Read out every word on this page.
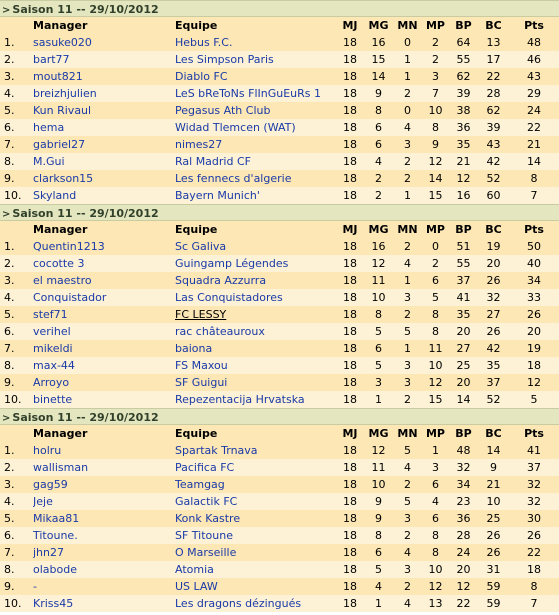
> Saison 11 -- 29/10/2012
	Manager	Equipe	MJ	MG	MN	MP	BP	BC	Pts
1.	sasuke020	Hebus F.C.	18	16	0	2	64	13	48
2.	bart77	Les Simpson Paris	18	15	1	2	55	17	46
3.	mout821	Diablo FC	18	14	1	3	62	22	43
4.	breizhjulien	LeS bReToNs FlInGuEuRs 1	18	9	2	7	39	28	29
5.	Kun Rivaul	Pegasus Ath Club	18	8	0	10	38	62	24
6.	hema	Widad Tlemcen (WAT)	18	6	4	8	36	39	22
7.	gabriel27	nimes27	18	6	3	9	35	43	21
8.	M.Gui	Ral Madrid CF	18	4	2	12	21	42	14
9.	clarkson15	Les fennecs d'algerie	18	2	2	14	12	52	8
10.	Skyland	Bayern Munich'	18	2	1	15	16	60	7
> Saison 11 -- 29/10/2012
	Manager	Equipe	MJ	MG	MN	MP	BP	BC	Pts
1.	Quentin1213	Sc Galiva	18	16	2	0	51	19	50
2.	cocotte 3	Guingamp Légendes	18	12	4	2	55	20	40
3.	el maestro	Squadra Azzurra	18	11	1	6	37	26	34
4.	Conquistador	Las Conquistadores	18	10	3	5	41	32	33
5.	stef71	FC LESSY	18	8	2	8	35	27	26
6.	verihel	rac châteauroux	18	5	5	8	20	26	20
7.	mikeldi	baiona	18	6	1	11	27	42	19
8.	max-44	FS Maxou	18	5	3	10	25	35	18
9.	Arroyo	SF Guigui	18	3	3	12	20	37	12
10.	binette	Repezentacija Hrvatska	18	1	2	15	14	52	5
> Saison 11 -- 29/10/2012
	Manager	Equipe	MJ	MG	MN	MP	BP	BC	Pts
1.	holru	Spartak Trnava	18	12	5	1	48	14	41
2.	wallisman	Pacifica FC	18	11	4	3	32	9	37
3.	gag59	Teamgag	18	10	2	6	34	21	32
4.	Jeje	Galactik FC	18	9	5	4	23	10	32
5.	Mikaa81	Konk Kastre	18	9	3	6	36	25	30
6.	Titoune.	SF Titoune	18	8	2	8	28	26	26
7.	jhn27	O Marseille	18	6	4	8	24	26	22
8.	olabode	Atomia	18	5	3	10	20	31	18
9.	-	US LAW	18	4	2	12	12	59	8
10.	Kriss45	Les dragons dézingués	18	1	4	13	22	59	7
